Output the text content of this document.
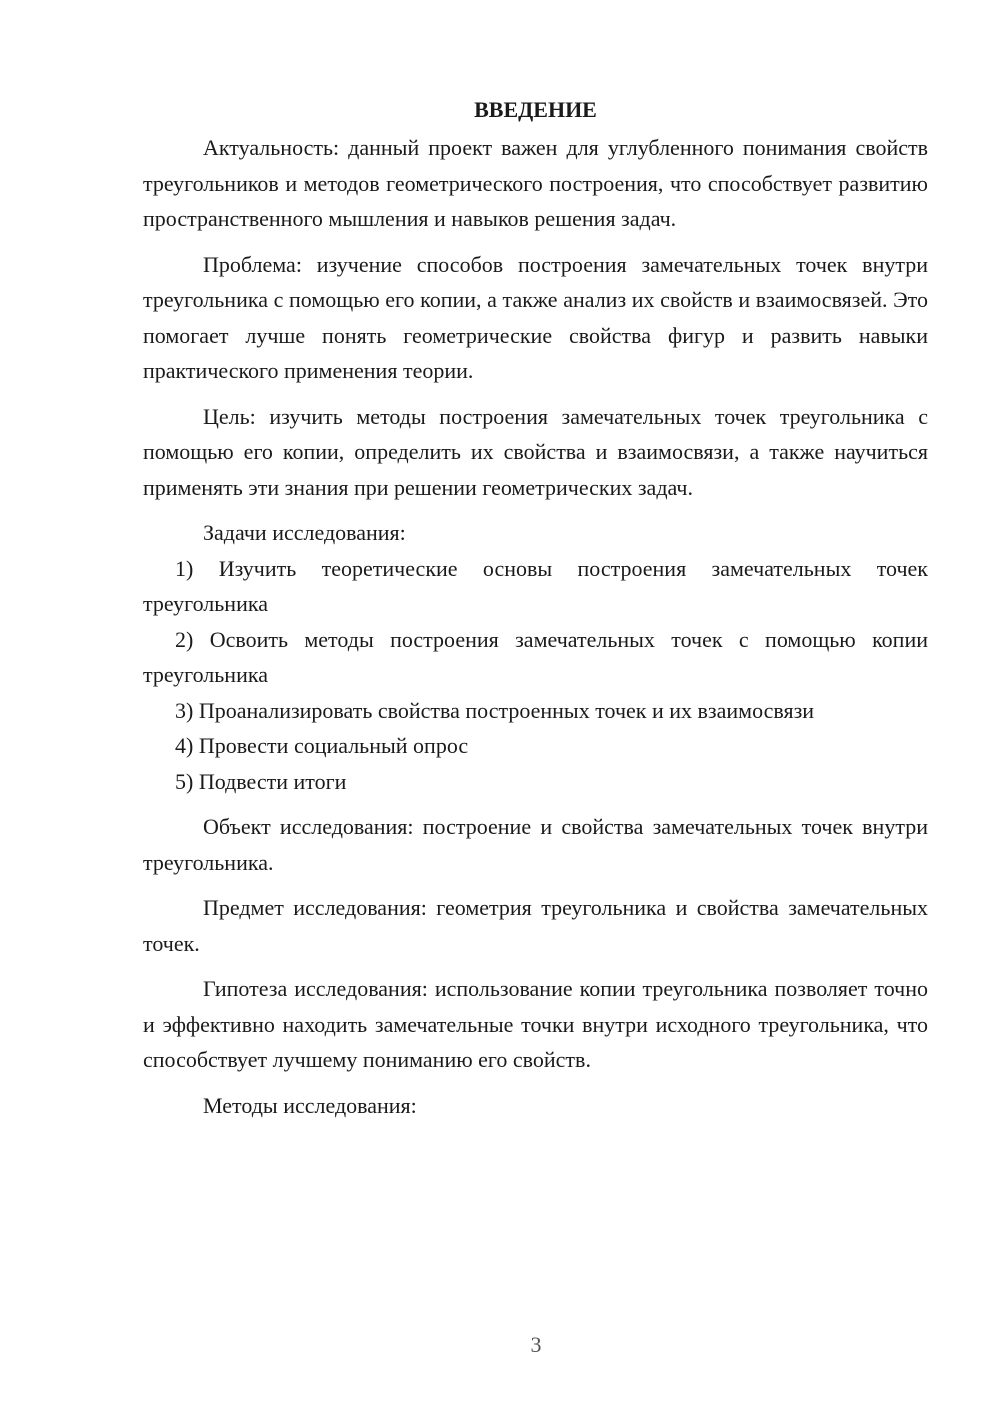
ВВЕДЕНИЕ

Актуальность: данный проект важен для углубленного понимания свойств треугольников и методов геометрического построения, что способствует развитию пространственного мышления и навыков решения задач.

Проблема: изучение способов построения замечательных точек внутри треугольника с помощью его копии, а также анализ их свойств и взаимосвязей. Это помогает лучше понять геометрические свойства фигур и развить навыки практического применения теории.

Цель: изучить методы построения замечательных точек треугольника с помощью его копии, определить их свойства и взаимосвязи, а также научиться применять эти знания при решении геометрических задач.

Задачи исследования:

1) Изучить теоретические основы построения замечательных точек треугольника

2) Освоить методы построения замечательных точек с помощью копии треугольника

3) Проанализировать свойства построенных точек и их взаимосвязи

4) Провести социальный опрос

5) Подвести итоги

Объект исследования: построение и свойства замечательных точек внутри треугольника.

Предмет исследования: геометрия треугольника и свойства замечательных точек.

Гипотеза исследования: использование копии треугольника позволяет точно и эффективно находить замечательные точки внутри исходного треугольника, что способствует лучшему пониманию его свойств.

Методы исследования:

3
